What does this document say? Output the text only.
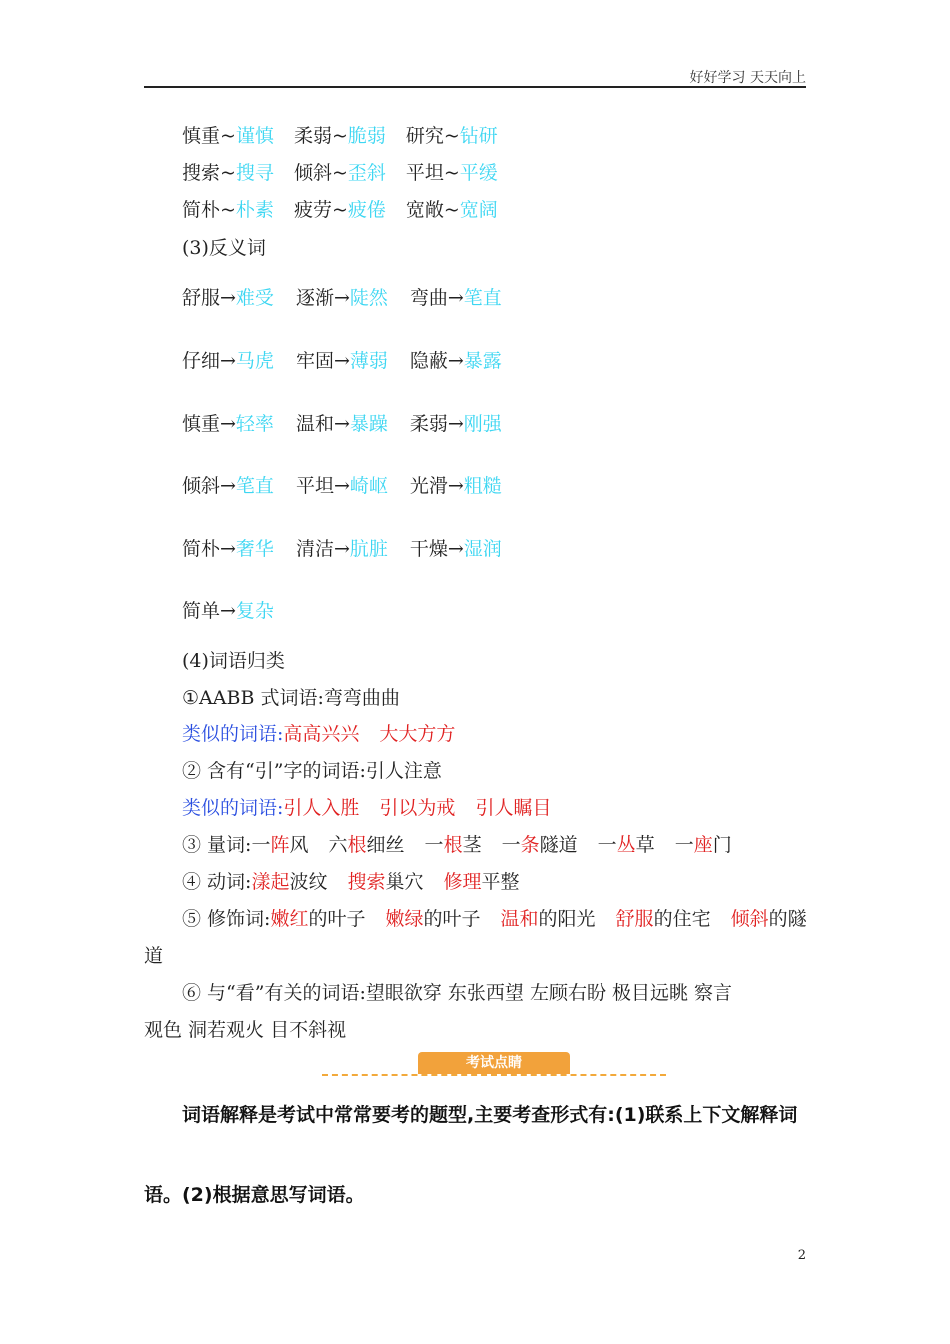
好好学习 天天向上
慎重~谨慎 柔弱~脆弱 研究~钻研
搜索~搜寻 倾斜~歪斜 平坦~平缓
简朴~朴素 疲劳~疲倦 宽敞~宽阔
(3)反义词
舒服→难受 逐渐→陡然 弯曲→笔直
仔细→马虎 牢固→薄弱 隐蔽→暴露
慎重→轻率 温和→暴躁 柔弱→刚强
倾斜→笔直 平坦→崎岖 光滑→粗糙
简朴→奢华 清洁→肮脏 干燥→湿润
简单→复杂
(4)词语归类
①AABB 式词语:弯弯曲曲
类似的词语:高高兴兴 大大方方
② 含有“引”字的词语:引人注意
类似的词语:引人入胜 引以为戒 引人瞩目
③ 量词:一阵风 六根细丝 一根茎 一条隧道 一丛草 一座门
④ 动词:漾起波纹 搜索巢穴 修理平整
⑤ 修饰词:嫩红的叶子 嫩绿的叶子 温和的阳光 舒服的住宅 倾斜的隧
道
⑥ 与“看”有关的词语:望眼欲穿 东张西望 左顾右盼 极目远眺 察言
观色 洞若观火 目不斜视
考试点睛
词语解释是考试中常常要考的题型,主要考查形式有:(1)联系上下文解释词
语。(2)根据意思写词语。
2
